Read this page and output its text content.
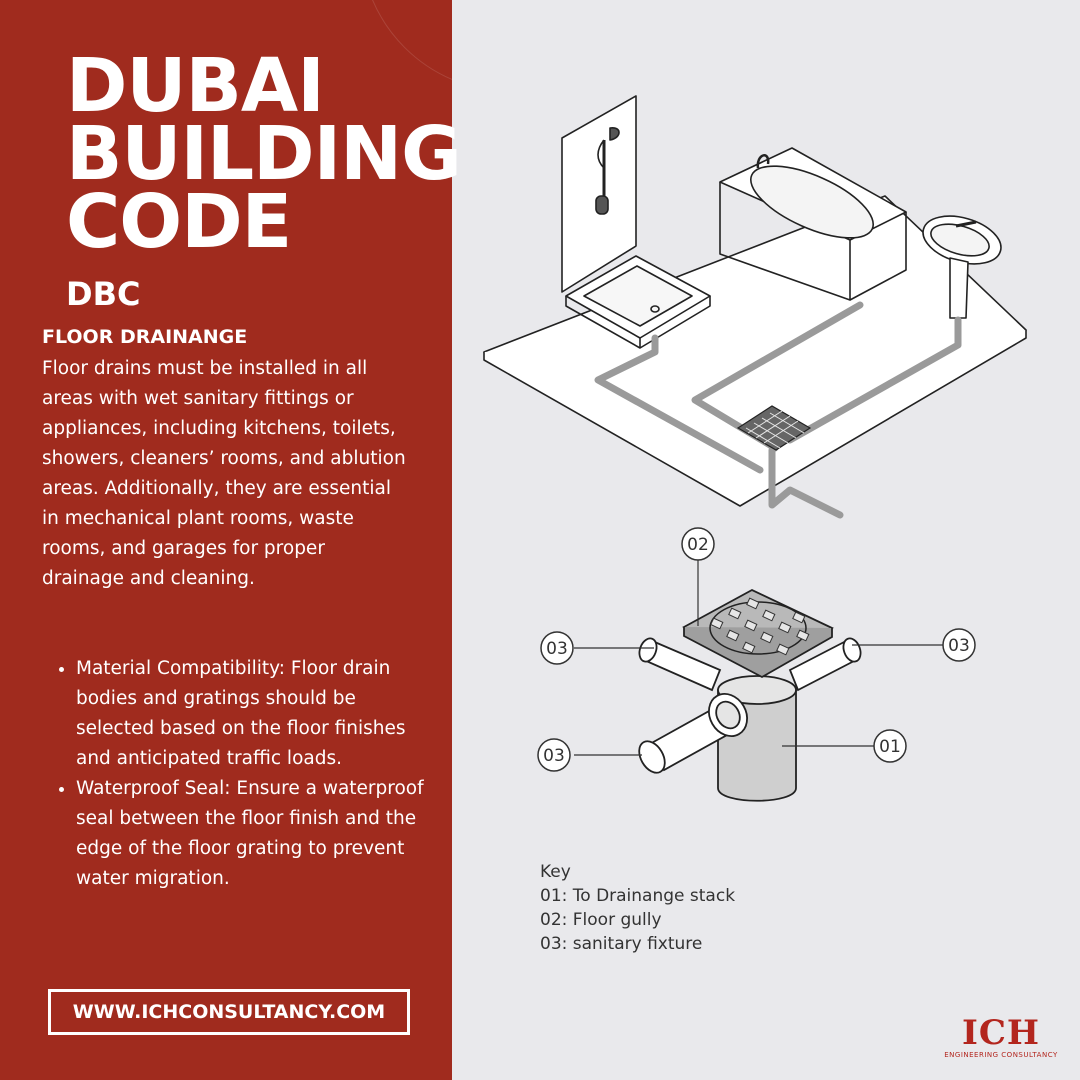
DBC
FLOOR DRAINANGE

Floor drains must be installed in all areas with wet sanitary fittings or appliances, including kitchens, toilets, showers, cleaners’ rooms, and ablution areas. Additionally, they are essential in mechanical plant rooms, waste rooms, and garages for proper drainage and cleaning.

• Material Compatibility: Floor drain bodies and gratings should be selected based on the floor finishes and anticipated traffic loads.
• Waterproof Seal: Ensure a waterproof seal between the floor finish and the edge of the floor grating to prevent water migration.
WWW.ICHCONSULTANCY.COM
02
03
03
03
01
DUBAI
BUILDING
CODE
Key
01: To Drainange stack
02: Floor gully
03: sanitary fixture
ICH
ENGINEERING CONSULTANCY
